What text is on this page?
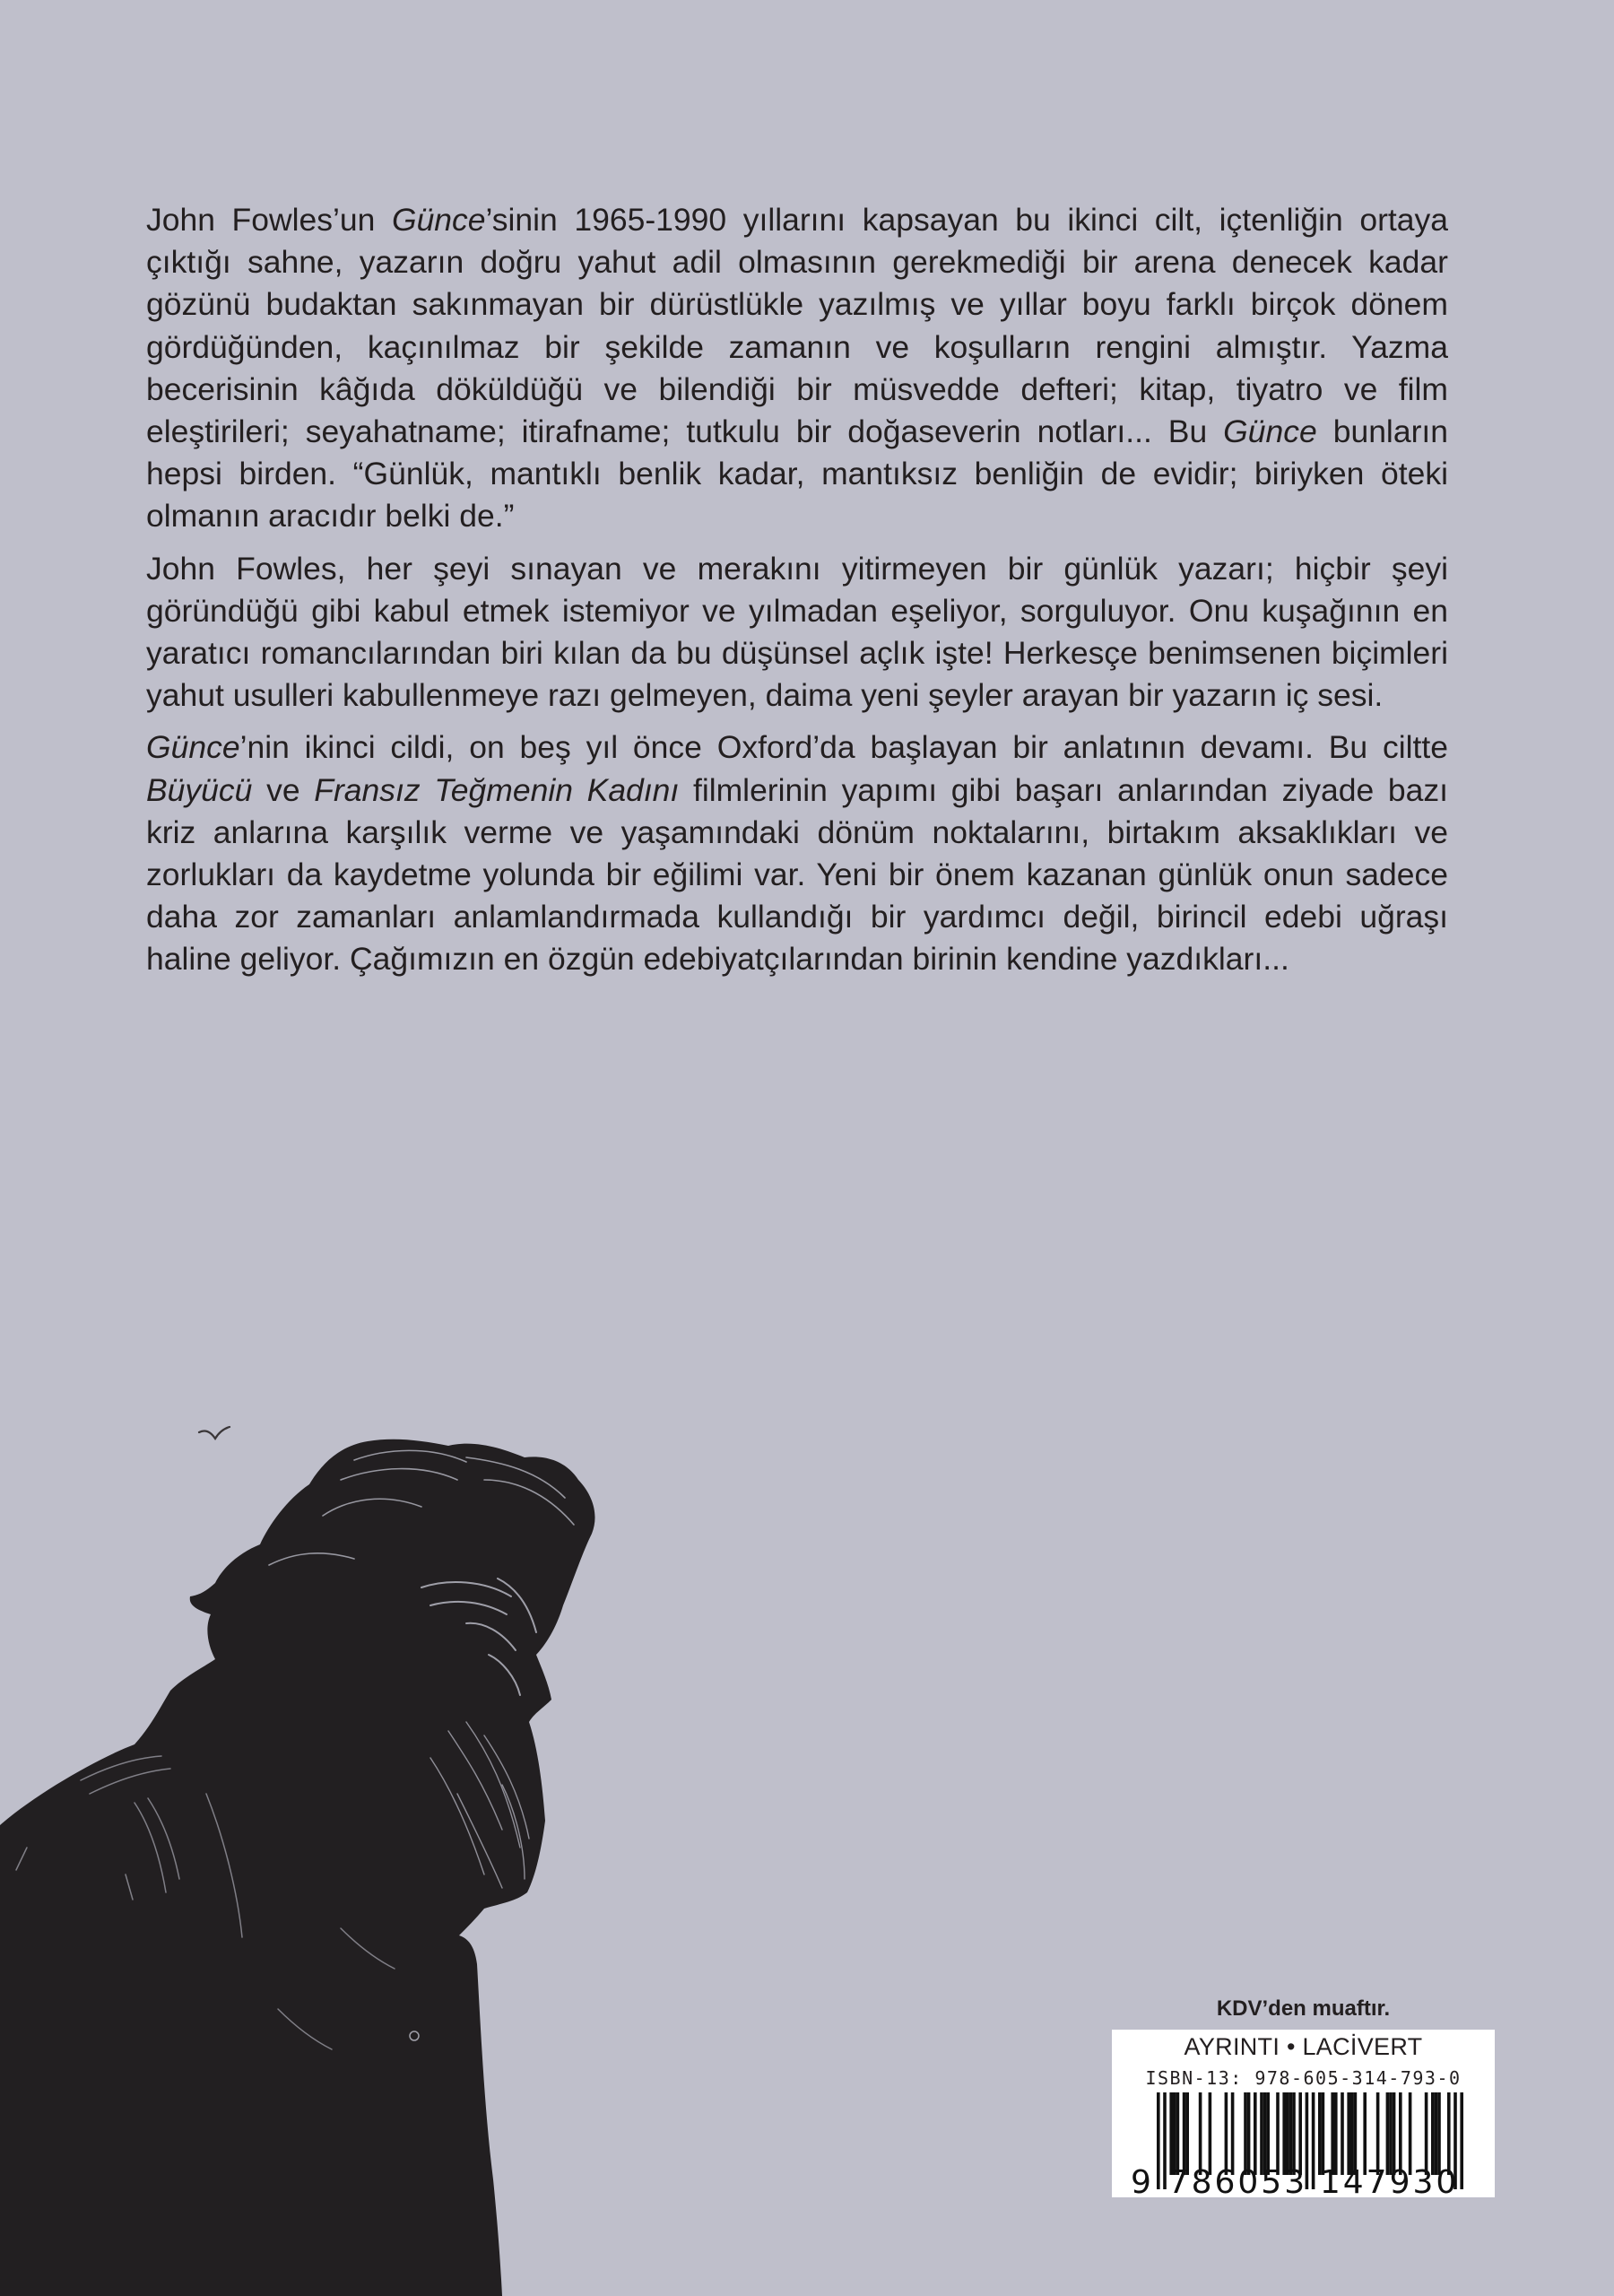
John Fowles’un Günce’sinin 1965-1990 yıllarını kapsayan bu ikinci cilt, içtenliğin ortaya çıktığı sahne, yazarın doğru yahut adil olmasının gerekmediği bir arena denecek kadar gözünü budaktan sakınmayan bir dürüstlükle yazılmış ve yıllar boyu farklı birçok dönem gördüğünden, kaçınılmaz bir şekilde zamanın ve koşulların rengini almıştır. Yazma becerisinin kâğıda döküldüğü ve bilendiği bir müsvedde defteri; kitap, tiyatro ve film eleştirileri; seyahatname; itirafname; tutkulu bir doğaseverin notları... Bu Günce bunların hepsi birden. “Günlük, mantıklı benlik kadar, mantıksız benliğin de evidir; biriyken öteki olmanın aracıdır belki de.”

John Fowles, her şeyi sınayan ve merakını yitirmeyen bir günlük yazarı; hiçbir şeyi göründüğü gibi kabul etmek istemiyor ve yılmadan eşeliyor, sorguluyor. Onu kuşağının en yaratıcı romancılarından biri kılan da bu düşünsel açlık işte! Herkesçe benimsenen biçimleri yahut usulleri kabullenmeye razı gelmeyen, daima yeni şeyler arayan bir yazarın iç sesi.

Günce’nin ikinci cildi, on beş yıl önce Oxford’da başlayan bir anlatının devamı. Bu ciltte Büyücü ve Fransız Teğmenin Kadını filmlerinin yapımı gibi başarı anlarından ziyade bazı kriz anlarına karşılık verme ve yaşamındaki dönüm noktalarını, birtakım aksaklıkları ve zorlukları da kaydetme yolunda bir eğilimi var. Yeni bir önem kazanan günlük onun sadece daha zor zamanları anlamlandırmada kullandığı bir yardımcı değil, birincil edebi uğraşı haline geliyor. Çağımızın en özgün edebiyatçılarından birinin kendine yazdıkları...

KDV’den muaftır.
AYRINTI • LACİVERT
ISBN-13: 978-605-314-793-0
9 786053 147930
